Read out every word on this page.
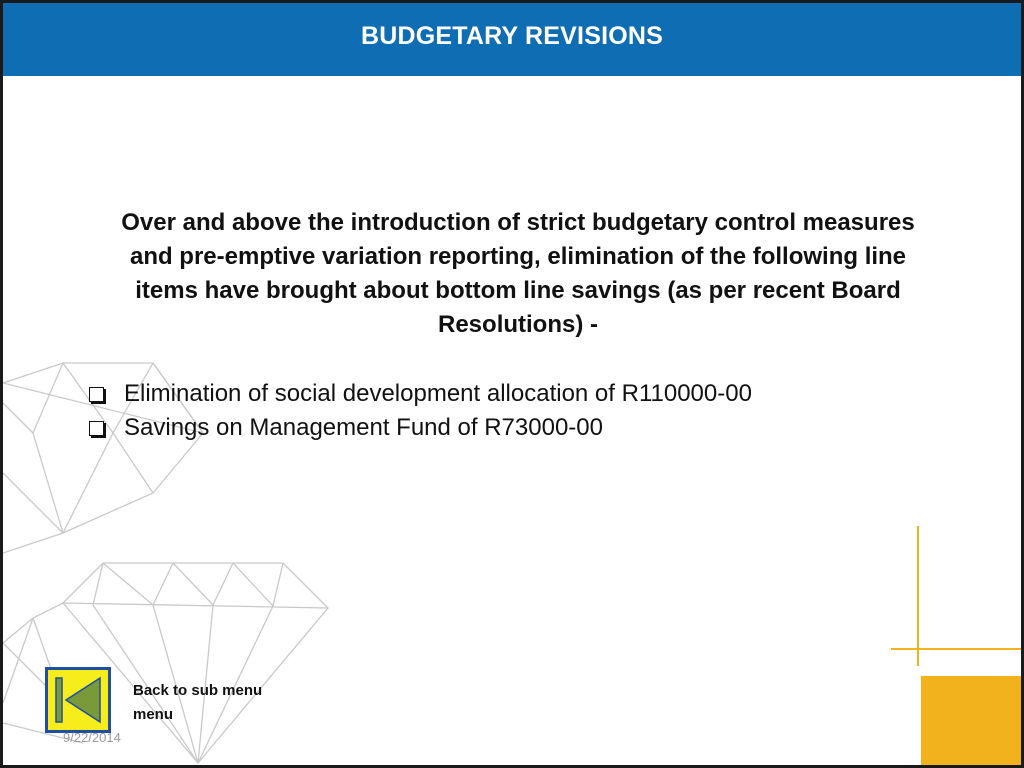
BUDGETARY REVISIONS
Over and above the introduction of strict budgetary control measures and pre-emptive variation reporting, elimination of the following line items have brought about bottom line savings (as per recent Board Resolutions) -
Elimination of social development allocation of R110000-00
Savings on Management Fund of R73000-00
Back to sub menu menu
9/22/2014
